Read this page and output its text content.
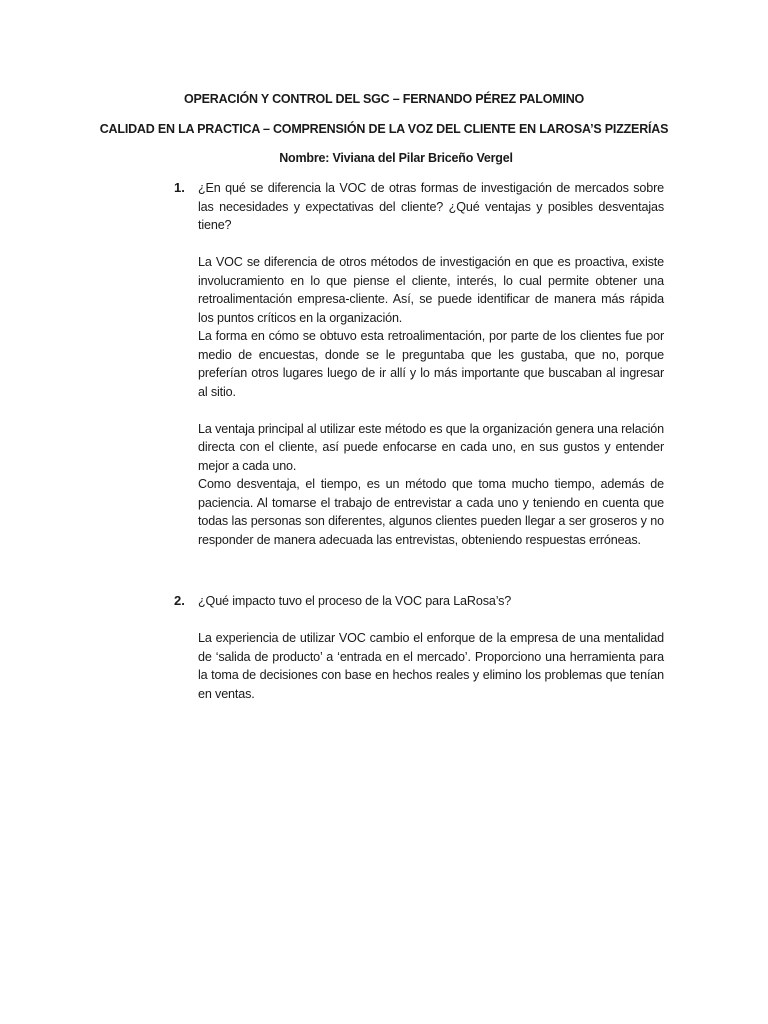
OPERACIÓN Y CONTROL DEL SGC – FERNANDO PÉREZ PALOMINO
CALIDAD EN LA PRACTICA – COMPRENSIÓN DE LA VOZ DEL CLIENTE EN LAROSA’S PIZZERÍAS
Nombre: Viviana del Pilar Briceño Vergel
1. ¿En qué se diferencia la VOC de otras formas de investigación de mercados sobre las necesidades y expectativas del cliente? ¿Qué ventajas y posibles desventajas tiene?

La VOC se diferencia de otros métodos de investigación en que es proactiva, existe involucramiento en lo que piense el cliente, interés, lo cual permite obtener una retroalimentación empresa-cliente. Así, se puede identificar de manera más rápida los puntos críticos en la organización.

La forma en cómo se obtuvo esta retroalimentación, por parte de los clientes fue por medio de encuestas, donde se le preguntaba que les gustaba, que no, porque preferían otros lugares luego de ir allí y lo más importante que buscaban al ingresar al sitio.

La ventaja principal al utilizar este método es que la organización genera una relación directa con el cliente, así puede enfocarse en cada uno, en sus gustos y entender mejor a cada uno.

Como desventaja, el tiempo, es un método que toma mucho tiempo, además de paciencia. Al tomarse el trabajo de entrevistar a cada uno y teniendo en cuenta que todas las personas son diferentes, algunos clientes pueden llegar a ser groseros y no responder de manera adecuada las entrevistas, obteniendo respuestas erróneas.

2. ¿Qué impacto tuvo el proceso de la VOC para LaRosa’s?

La experiencia de utilizar VOC cambio el enforque de la empresa de una mentalidad de ‘salida de producto’ a ‘entrada en el mercado’. Proporciono una herramienta para la toma de decisiones con base en hechos reales y elimino los problemas que tenían en ventas.
